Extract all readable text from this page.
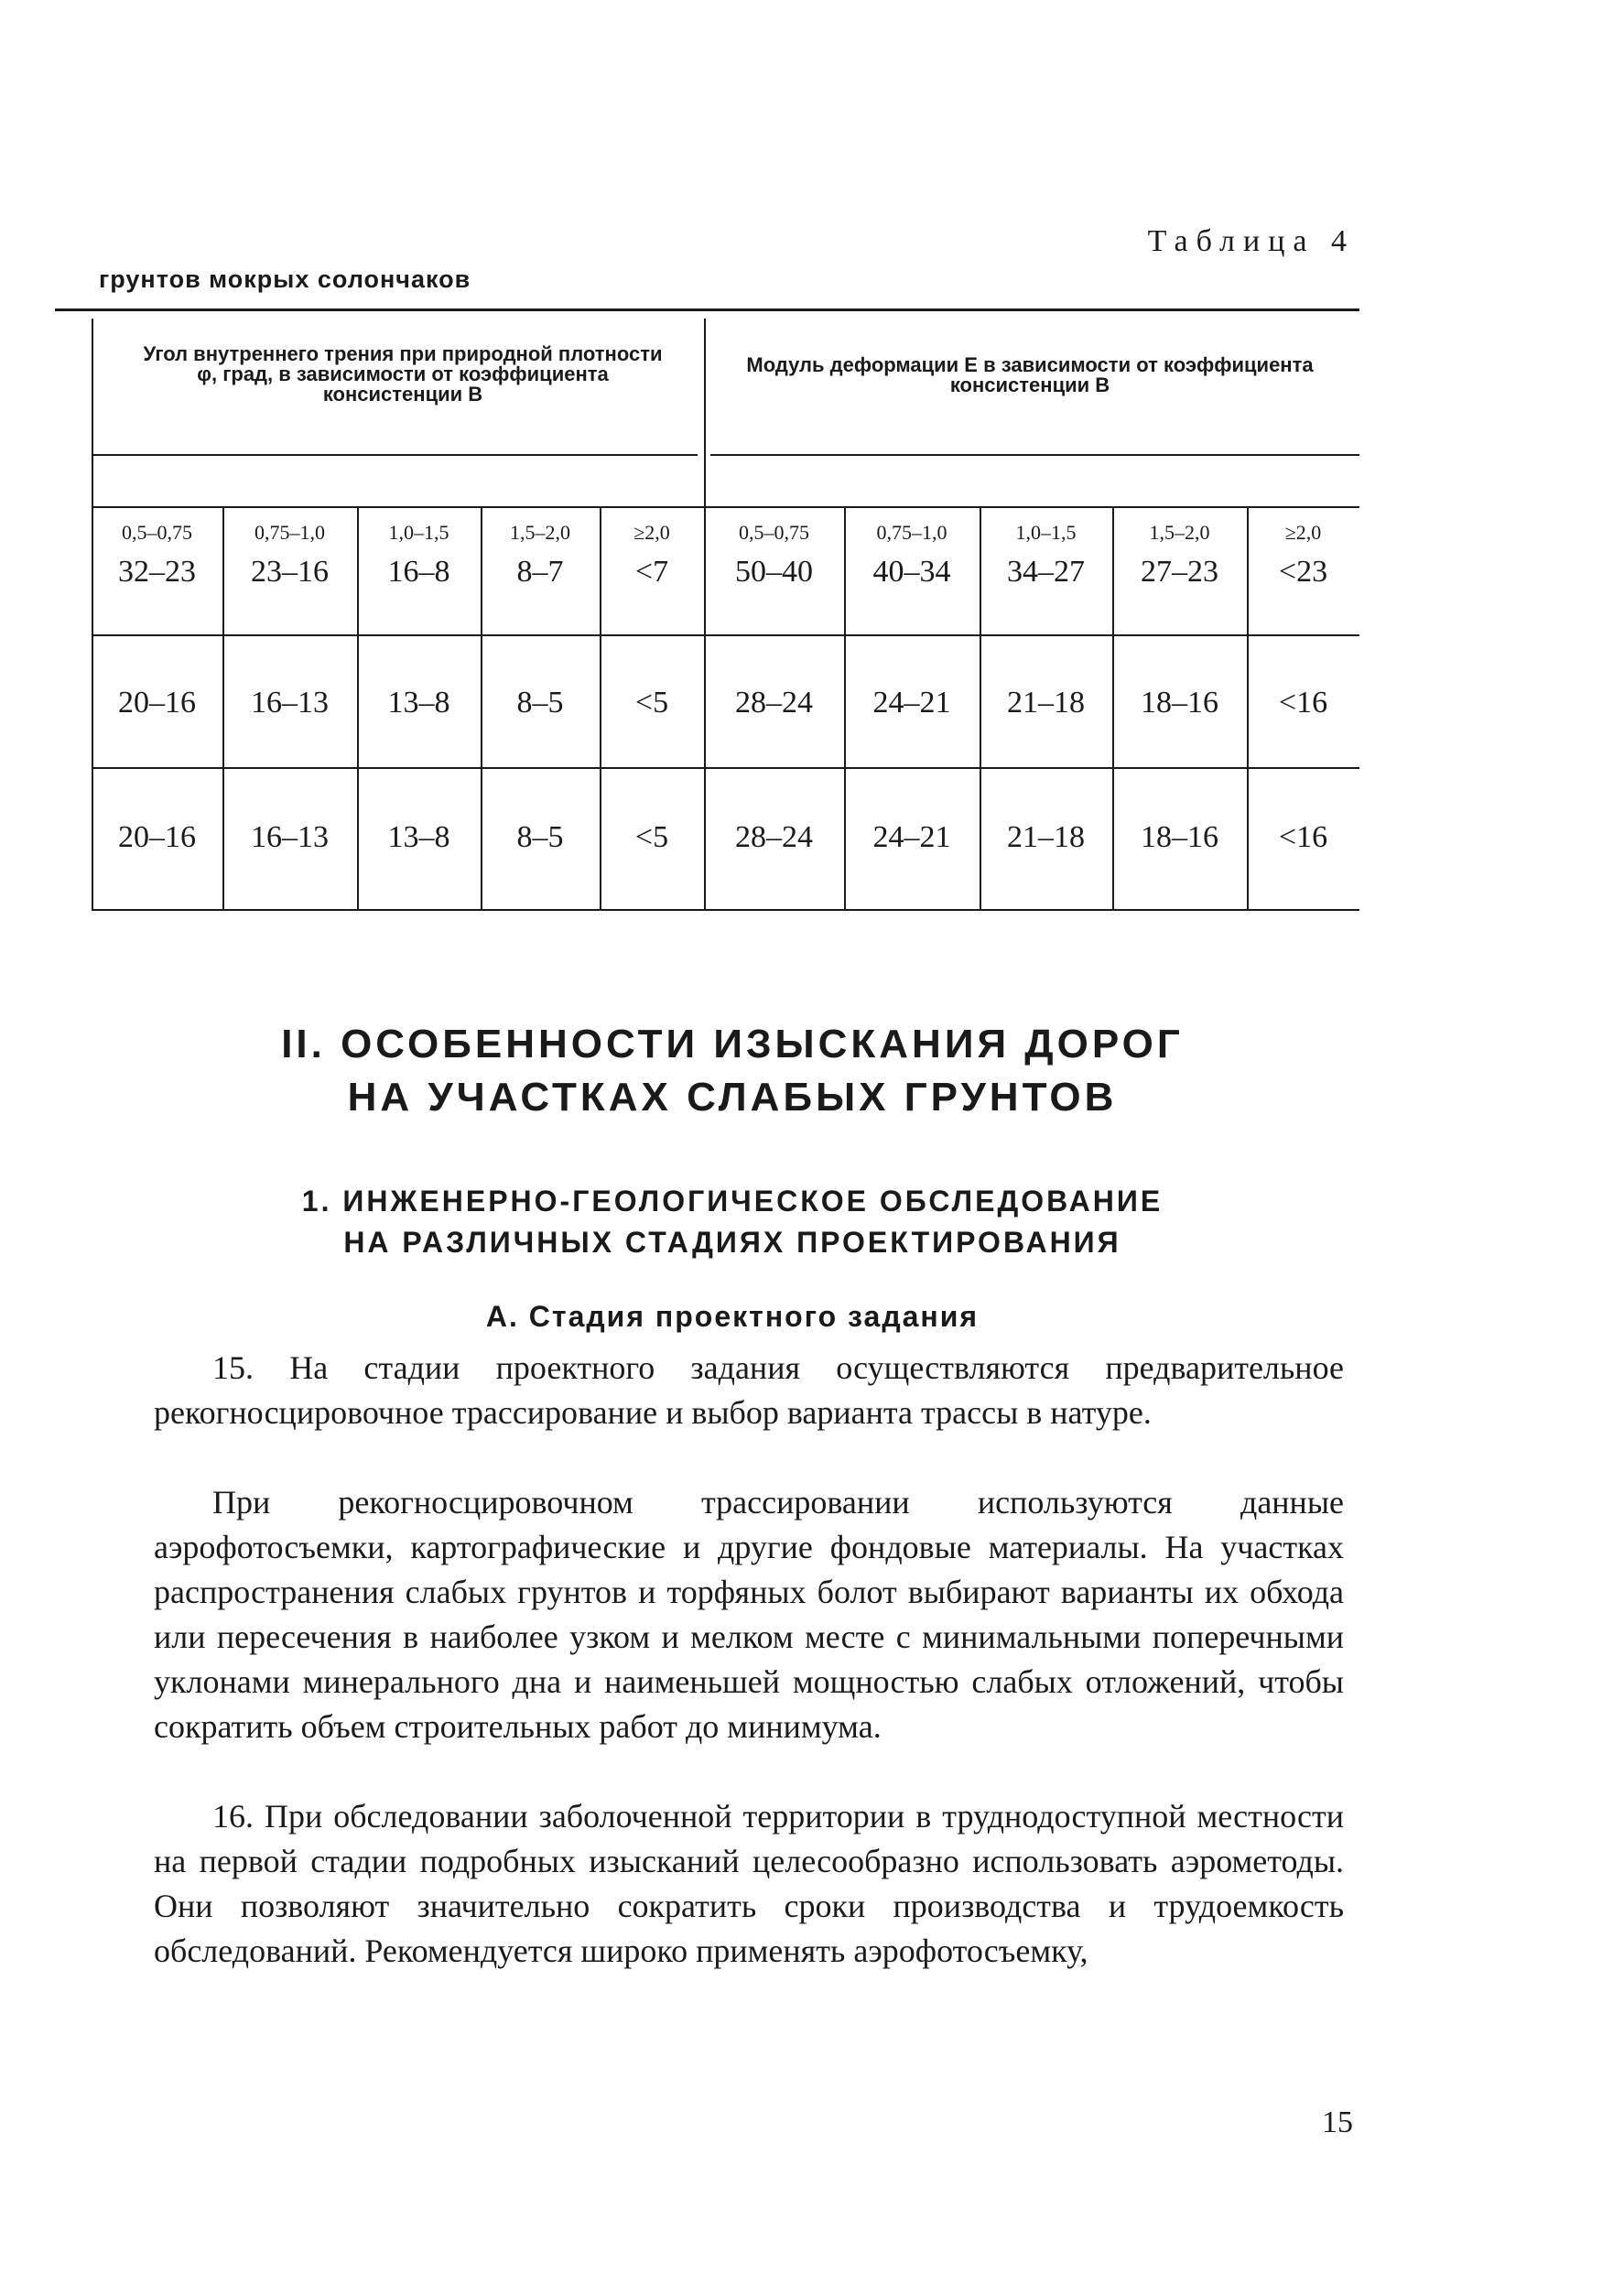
Таблица 4
грунтов мокрых солончаков
Угол внутреннего трения при природной плотности φ, град, в зависимости от коэффициента консистенции B
Модуль деформации E в зависимости от коэффициента консистенции B
0,5–0,75	0,75–1,0	1,0–1,5	1,5–2,0	≥2,0	0,5–0,75	0,75–1,0	1,0–1,5	1,5–2,0	≥2,0
32–23	23–16	16–8	8–7	<7	50–40	40–34	34–27	27–23	<23
20–16	16–13	13–8	8–5	<5	28–24	24–21	21–18	18–16	<16
20–16	16–13	13–8	8–5	<5	28–24	24–21	21–18	18–16	<16
II. ОСОБЕННОСТИ ИЗЫСКАНИЯ ДОРОГ
НА УЧАСТКАХ СЛАБЫХ ГРУНТОВ
1. ИНЖЕНЕРНО-ГЕОЛОГИЧЕСКОЕ ОБСЛЕДОВАНИЕ
НА РАЗЛИЧНЫХ СТАДИЯХ ПРОЕКТИРОВАНИЯ
А. Стадия проектного задания

15. На стадии проектного задания осуществляются предварительное рекогносцировочное трассирование и выбор варианта трассы в натуре.

При рекогносцировочном трассировании используются данные аэрофотосъемки, картографические и другие фондовые материалы. На участках распространения слабых грунтов и торфяных болот выбирают варианты их обхода или пересечения в наиболее узком и мелком месте с минимальными поперечными уклонами минерального дна и наименьшей мощностью слабых отложений, чтобы сократить объем строительных работ до минимума.

16. При обследовании заболоченной территории в труднодоступной местности на первой стадии подробных изысканий целесообразно использовать аэрометоды. Они позволяют значительно сократить сроки производства и трудоемкость обследований. Рекомендуется широко применять аэрофотосъемку,

15
